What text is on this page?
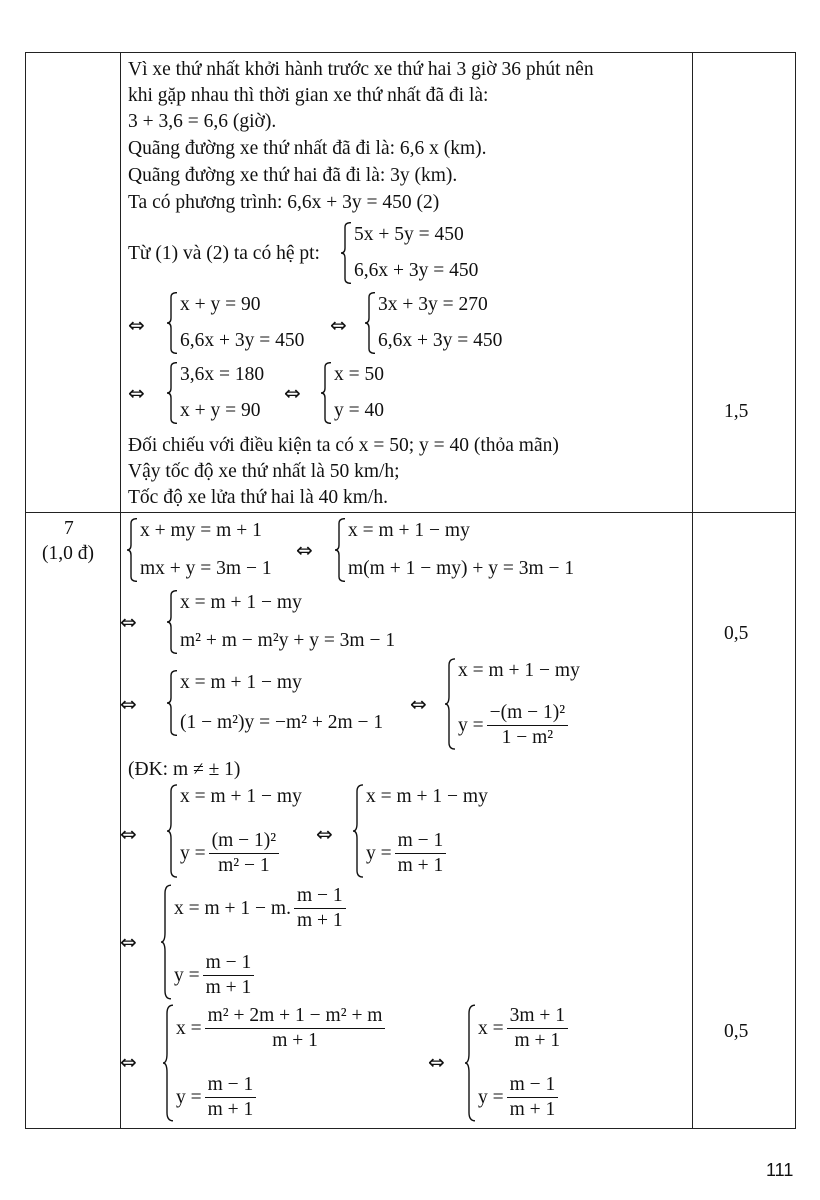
Vì xe thứ nhất khởi hành trước xe thứ hai 3 giờ 36 phút nên
khi gặp nhau thì thời gian xe thứ nhất đã đi là:
3 + 3,6 = 6,6 (giờ).
Quãng đường xe thứ nhất đã đi là: 6,6 x (km).
Quãng đường xe thứ hai đã đi là: 3y (km).
Ta có phương trình: 6,6x + 3y = 450 (2)
Từ (1) và (2) ta có hệ pt:
5x + 5y = 450
6,6x + 3y = 450
⇔
x + y = 90
6,6x + 3y = 450
⇔
3x + 3y = 270
6,6x + 3y = 450
⇔
3,6x = 180
x + y = 90
⇔
x = 50
y = 40
Đối chiếu với điều kiện ta có x = 50; y = 40 (thỏa mãn)
Vậy tốc độ xe thứ nhất là 50 km/h;
Tốc độ xe lửa thứ hai là 40 km/h.
1,5
7
(1,0 đ)
x + my = m + 1
mx + y = 3m − 1
⇔
x = m + 1 − my
m(m + 1 − my) + y = 3m − 1
⇔
x = m + 1 − my
m² + m − m²y + y = 3m − 1	0,5
⇔
x = m + 1 − my
(1 − m²)y = −m² + 2m − 1
⇔
x = m + 1 − my
$y = \frac{\text{−(m − 1)²}}{\text{1 − m²}}$
(ĐK: m ≠ ± 1)
⇔
x = m + 1 − my
$y = \frac{\text{(m − 1)²}}{\text{m² − 1}}$ ⇔
x = m + 1 − my
$y = \frac{m - 1}{m + 1}$
⇔
x = m + 1 − m. $\frac{m - 1}{m + 1}$
$y = \frac{m - 1}{m + 1}$
⇔
$x = \frac{\text{m² + 2m + 1 − m² + m}}{m + 1}$
$y = \frac{m - 1}{m + 1}$
⇔
$x = \frac{3m + 1}{m + 1}$
$y = \frac{m - 1}{m + 1}$
0,5
111
